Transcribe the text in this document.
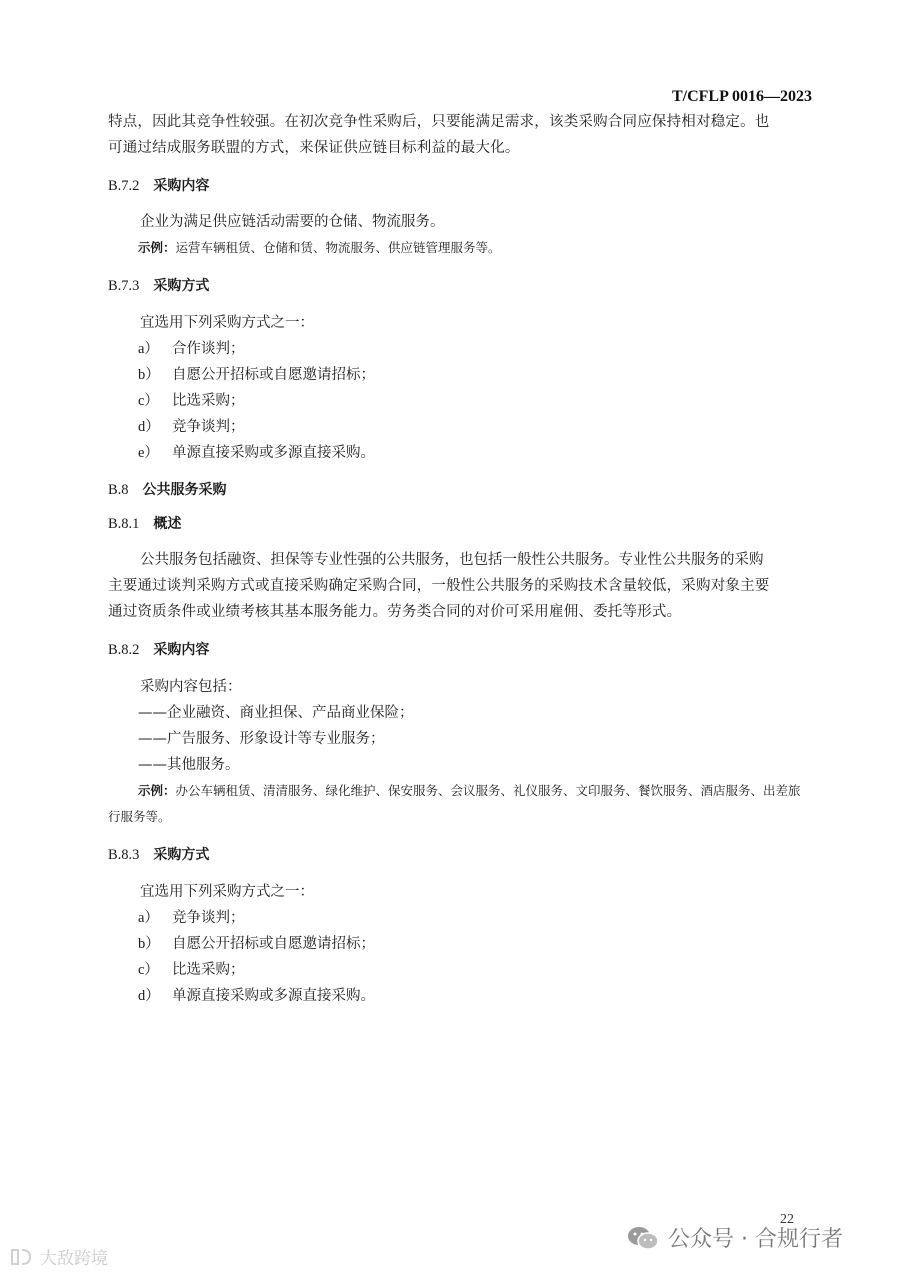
T/CFLP 0016—2023
特点，因此其竞争性较强。在初次竞争性采购后，只要能满足需求，该类采购合同应保持相对稳定。也
可通过结成服务联盟的方式，来保证供应链目标利益的最大化。
B.7.2 采购内容
企业为满足供应链活动需要的仓储、物流服务。
示例：运营车辆租赁、仓储和赁、物流服务、供应链管理服务等。
B.7.3 采购方式
宜选用下列采购方式之一：
a） 合作谈判；
b） 自愿公开招标或自愿邀请招标；
c） 比选采购；
d） 竞争谈判；
e） 单源直接采购或多源直接采购。
B.8 公共服务采购
B.8.1 概述
公共服务包括融资、担保等专业性强的公共服务，也包括一般性公共服务。专业性公共服务的采购
主要通过谈判采购方式或直接采购确定采购合同，一般性公共服务的采购技术含量较低，采购对象主要
通过资质条件或业绩考核其基本服务能力。劳务类合同的对价可采用雇佣、委托等形式。
B.8.2 采购内容
采购内容包括：
——企业融资、商业担保、产品商业保险；
——广告服务、形象设计等专业服务；
——其他服务。
示例：办公车辆租赁、清清服务、绿化维护、保安服务、会议服务、礼仪服务、文印服务、餐饮服务、酒店服务、出差旅
行服务等。
B.8.3 采购方式
宜选用下列采购方式之一：
a） 竞争谈判；
b） 自愿公开招标或自愿邀请招标；
c） 比选采购；
d） 单源直接采购或多源直接采购。
22
公众号 · 合规行者
大敌跨境
